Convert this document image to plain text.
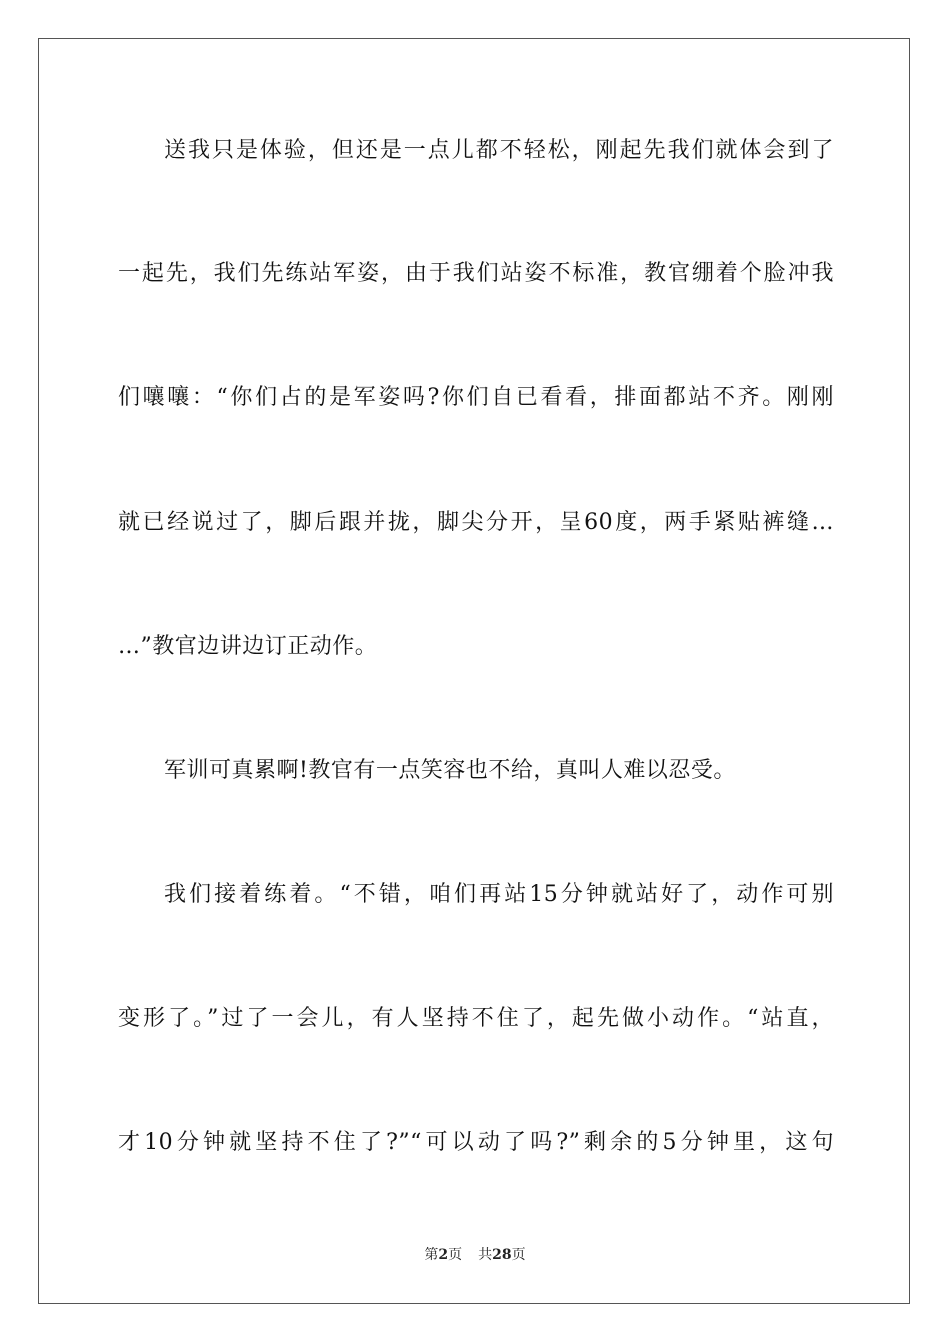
送我只是体验，但还是一点儿都不轻松，刚起先我们就体会到了
一起先，我们先练站军姿，由于我们站姿不标准，教官绷着个脸冲我
们嚷嚷：“你们占的是军姿吗?你们自已看看，排面都站不齐。刚刚
就已经说过了，脚后跟并拢，脚尖分开，呈60度，两手紧贴裤缝…
…”教官边讲边订正动作。
军训可真累啊!教官有一点笑容也不给，真叫人难以忍受。
我们接着练着。“不错，咱们再站15分钟就站好了，动作可别
变形了。”过了一会儿，有人坚持不住了，起先做小动作。“站直，
才10分钟就坚持不住了?”“可以动了吗?”剩余的5分钟里，这句
第2页 共28页
